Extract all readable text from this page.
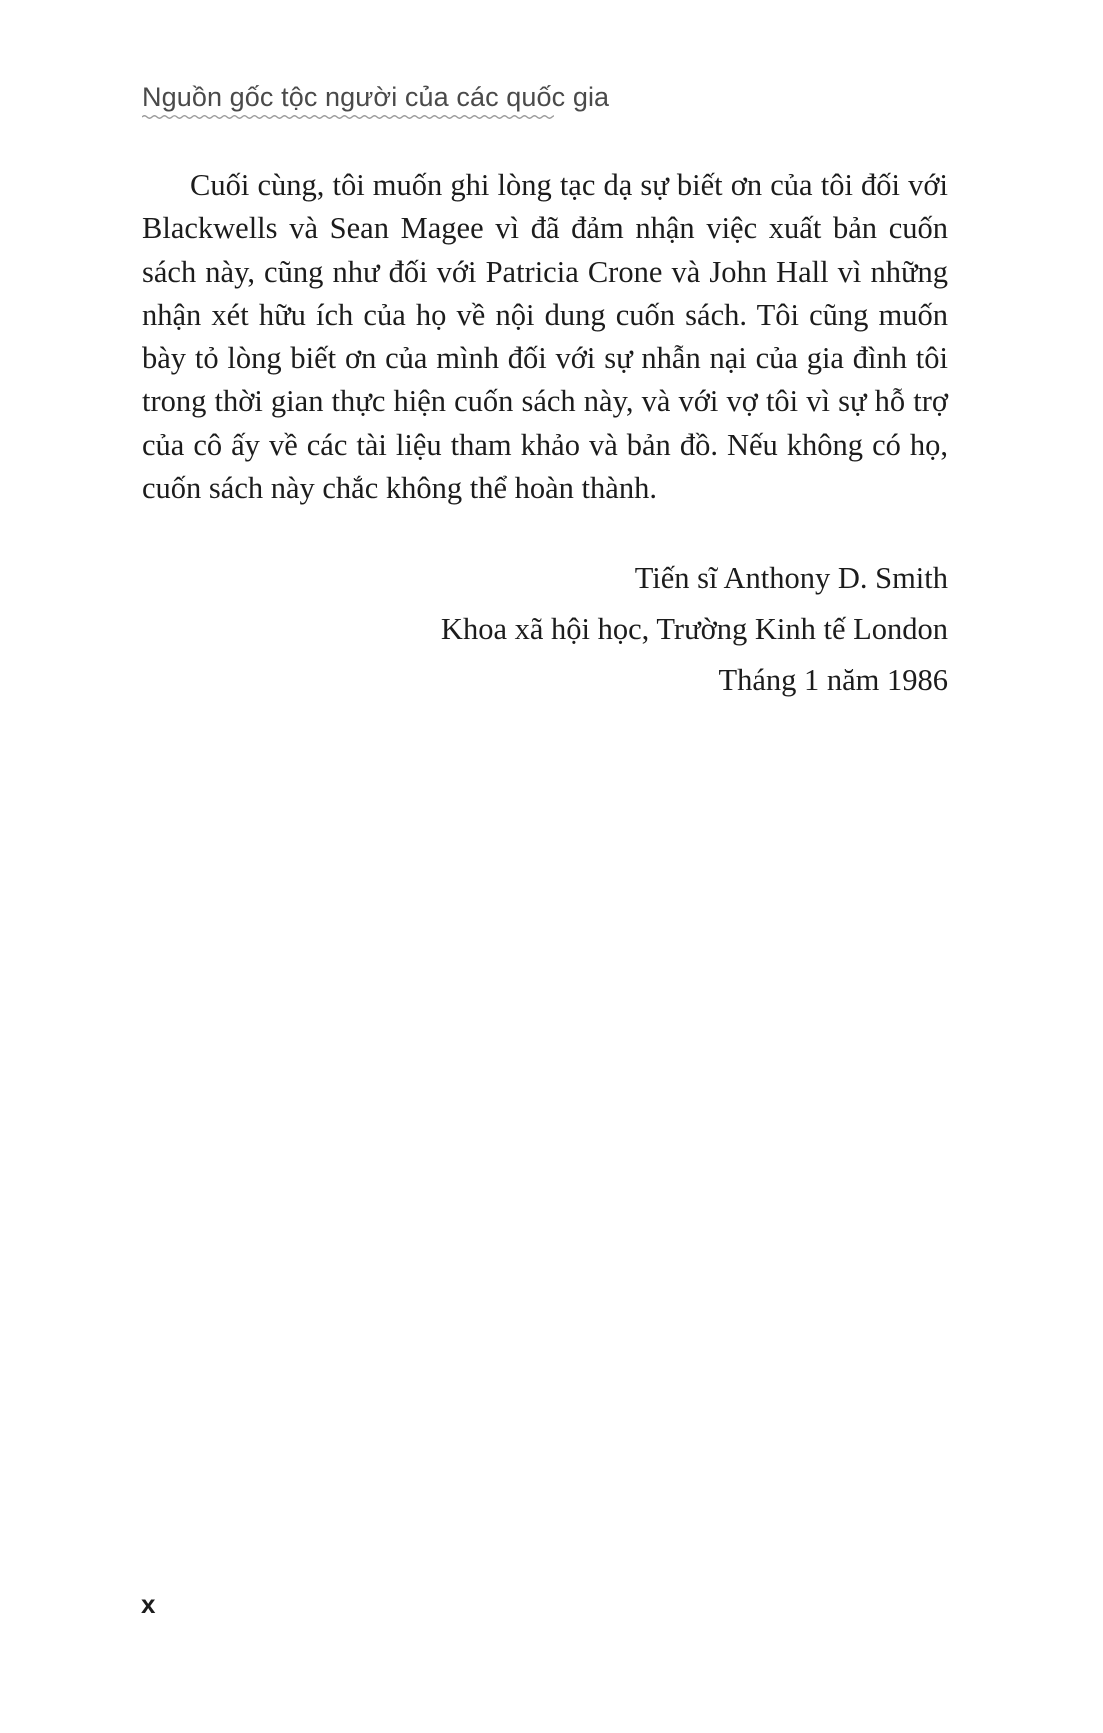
Nguồn gốc tộc người của các quốc gia

Cuối cùng, tôi muốn ghi lòng tạc dạ sự biết ơn của tôi đối với Blackwells và Sean Magee vì đã đảm nhận việc xuất bản cuốn sách này, cũng như đối với Patricia Crone và John Hall vì những nhận xét hữu ích của họ về nội dung cuốn sách. Tôi cũng muốn bày tỏ lòng biết ơn của mình đối với sự nhẫn nại của gia đình tôi trong thời gian thực hiện cuốn sách này, và với vợ tôi vì sự hỗ trợ của cô ấy về các tài liệu tham khảo và bản đồ. Nếu không có họ, cuốn sách này chắc không thể hoàn thành.

Tiến sĩ Anthony D. Smith
Khoa xã hội học, Trường Kinh tế London
Tháng 1 năm 1986
x
